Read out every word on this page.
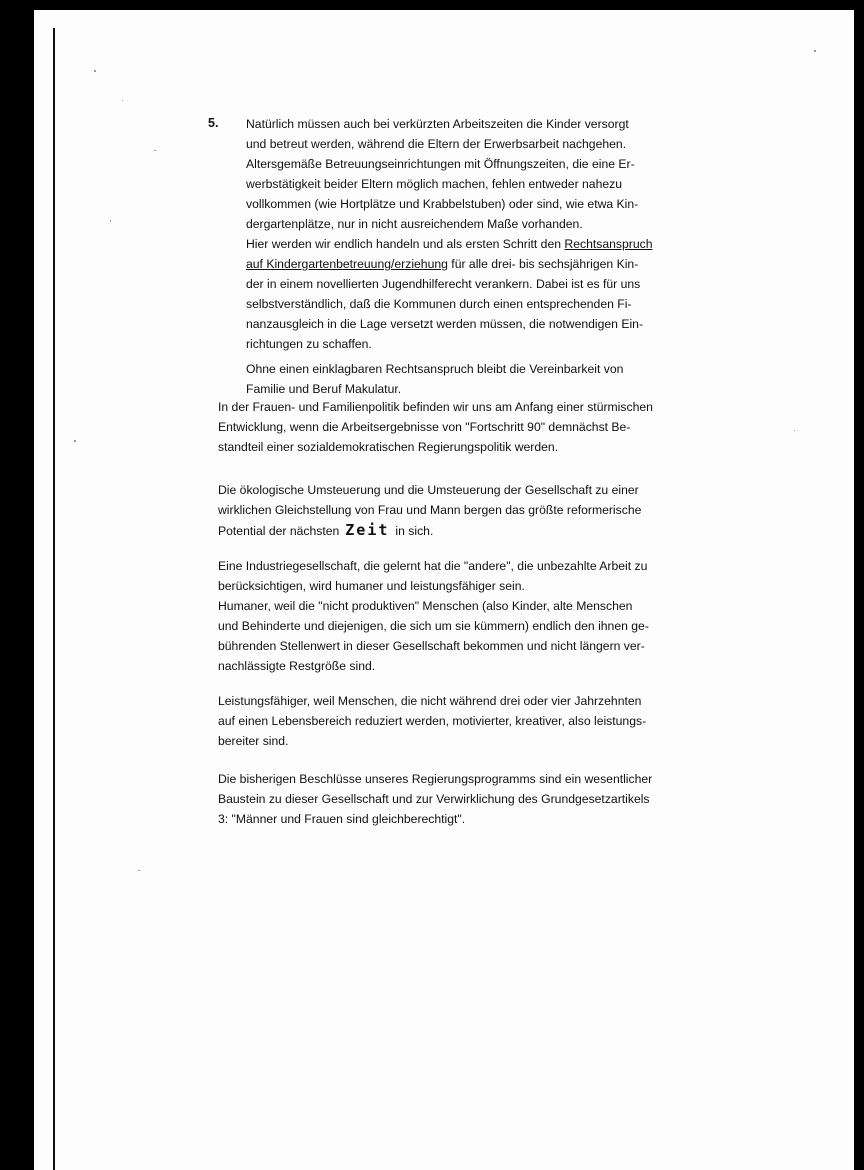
5. Natürlich müssen auch bei verkürzten Arbeitszeiten die Kinder versorgt
und betreut werden, während die Eltern der Erwerbsarbeit nachgehen.
Altersgemäße Betreuungseinrichtungen mit Öffnungszeiten, die eine Er-
werbstätigkeit beider Eltern möglich machen, fehlen entweder nahezu
vollkommen (wie Hortplätze und Krabbelstuben) oder sind, wie etwa Kin-
dergartenplätze, nur in nicht ausreichendem Maße vorhanden.
Hier werden wir endlich handeln und als ersten Schritt den Rechtsanspruch
auf Kindergartenbetreuung/erziehung für alle drei- bis sechsjährigen Kin-
der in einem novellierten Jugendhilferecht verankern. Dabei ist es für uns
selbstverständlich, daß die Kommunen durch einen entsprechenden Fi-
nanzausgleich in die Lage versetzt werden müssen, die notwendigen Ein-
richtungen zu schaffen.
Ohne einen einklagbaren Rechtsanspruch bleibt die Vereinbarkeit von
Familie und Beruf Makulatur.
In der Frauen- und Familienpolitik befinden wir uns am Anfang einer stürmischen
Entwicklung, wenn die Arbeitsergebnisse von "Fortschritt 90" demnächst Be-
standteil einer sozialdemokratischen Regierungspolitik werden.
Die ökologische Umsteuerung und die Umsteuerung der Gesellschaft zu einer
wirklichen Gleichstellung von Frau und Mann bergen das größte reformerische
Potential der nächsten Zeit in sich.
Eine Industriegesellschaft, die gelernt hat die "andere", die unbezahlte Arbeit zu
berücksichtigen, wird humaner und leistungsfähiger sein.
Humaner, weil die "nicht produktiven" Menschen (also Kinder, alte Menschen
und Behinderte und diejenigen, die sich um sie kümmern) endlich den ihnen ge-
bührenden Stellenwert in dieser Gesellschaft bekommen und nicht längern ver-
nachlässigte Restgröße sind.
Leistungsfähiger, weil Menschen, die nicht während drei oder vier Jahrzehnten
auf einen Lebensbereich reduziert werden, motivierter, kreativer, also leistungs-
bereiter sind.
Die bisherigen Beschlüsse unseres Regierungsprogramms sind ein wesentlicher
Baustein zu dieser Gesellschaft und zur Verwirklichung des Grundgesetzartikels
3: "Männer und Frauen sind gleichberechtigt".
